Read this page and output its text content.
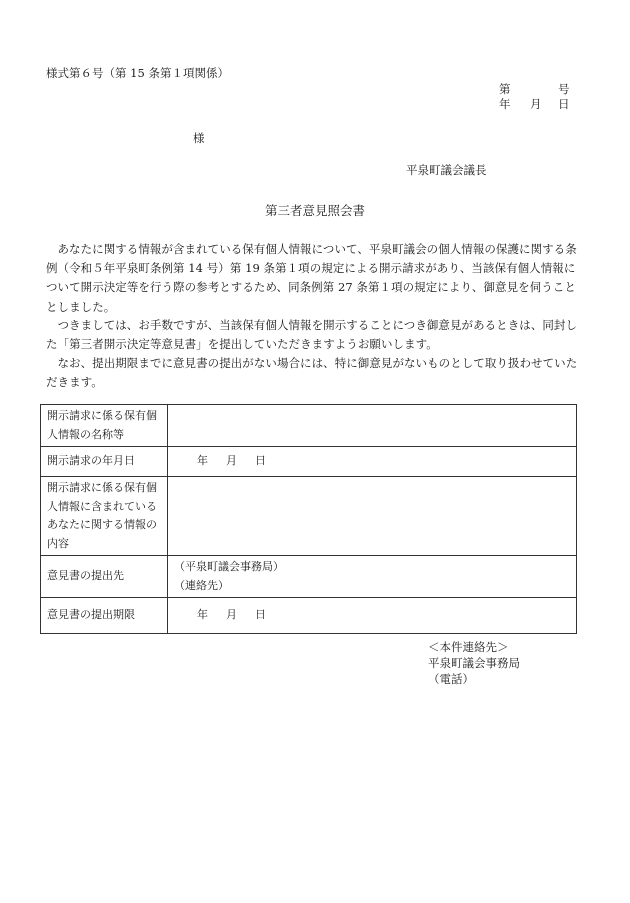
様式第６号（第 15 条第１項関係）
第	号
年 月 日
様
平泉町議会議長
第三者意見照会書
あなたに関する情報が含まれている保有個人情報について、平泉町議会の個人情報の保護に関する条例（令和５年平泉町条例第 14 号）第 19 条第１項の規定による開示請求があり、当該保有個人情報について開示決定等を行う際の参考とするため、同条例第 27 条第１項の規定により、御意見を伺うこととしました。
つきましては、お手数ですが、当該保有個人情報を開示することにつき御意見があるときは、同封した「第三者開示決定等意見書」を提出していただきますようお願いします。
なお、提出期限までに意見書の提出がない場合には、特に御意見がないものとして取り扱わせていただきます。
開示請求に係る保有個人情報の名称等	
開示請求の年月日	年 月 日
開示請求に係る保有個人情報に含まれているあなたに関する情報の内容	
意見書の提出先	（平泉町議会事務局）
（連絡先）

意見書の提出期限	年 月 日
＜本件連絡先＞
平泉町議会事務局
（電話）
